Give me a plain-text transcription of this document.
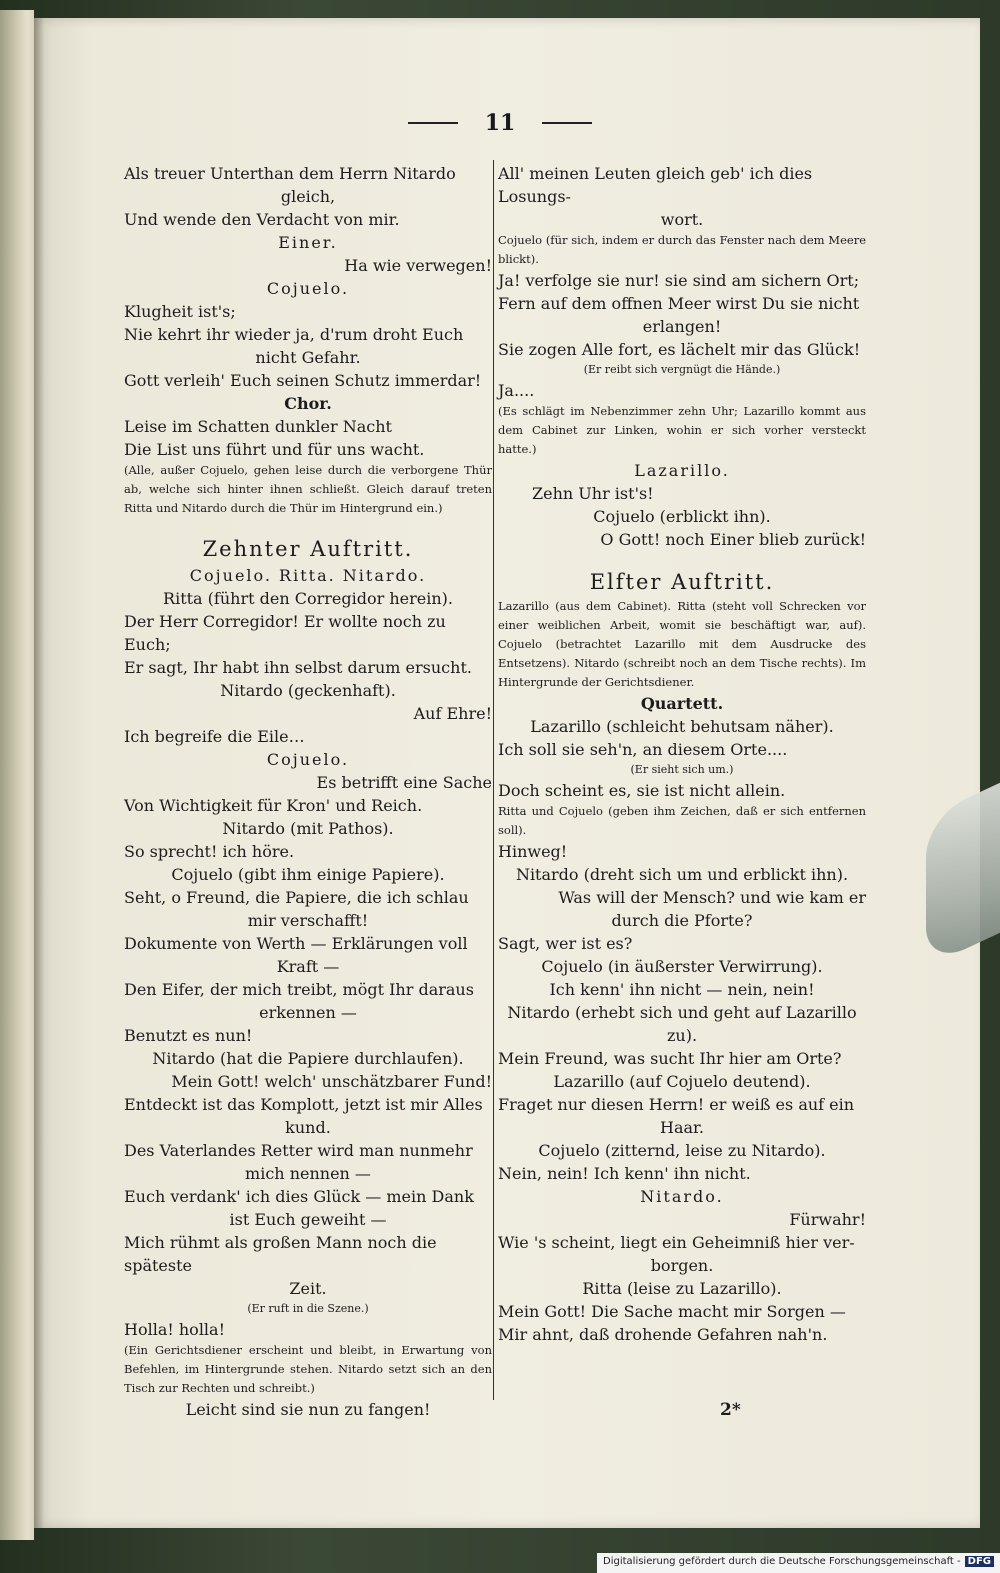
11
Als treuer Unterthan dem Herrn Nitardo
gleich,
Und wende den Verdacht von mir.
Einer.
Ha wie verwegen!
Cojuelo.
Klugheit ist's;
Nie kehrt ihr wieder ja, d'rum droht Euch
nicht Gefahr.
Gott verleih' Euch seinen Schutz immerdar!
Chor.
Leise im Schatten dunkler Nacht
Die List uns führt und für uns wacht.
(Alle, außer Cojuelo, gehen leise durch die verborgene Thür ab, welche sich hinter ihnen schließt. Gleich darauf treten Ritta und Nitardo durch die Thür im Hintergrund ein.)
Zehnter Auftritt.
Cojuelo. Ritta. Nitardo.
Ritta (führt den Corregidor herein).
Der Herr Corregidor! Er wollte noch zu Euch;
Er sagt, Ihr habt ihn selbst darum ersucht.
Nitardo (geckenhaft).
Auf Ehre!
Ich begreife die Eile…
Cojuelo.
Es betrifft eine Sache
Von Wichtigkeit für Kron' und Reich.
Nitardo (mit Pathos).
So sprecht! ich höre.
Cojuelo (gibt ihm einige Papiere).
Seht, o Freund, die Papiere, die ich schlau
mir verschafft!
Dokumente von Werth — Erklärungen voll
Kraft —
Den Eifer, der mich treibt, mögt Ihr daraus
erkennen —
Benutzt es nun!
Nitardo (hat die Papiere durchlaufen).
Mein Gott! welch' unschätzbarer Fund!
Entdeckt ist das Komplott, jetzt ist mir Alles
kund.
Des Vaterlandes Retter wird man nunmehr
mich nennen —
Euch verdank' ich dies Glück — mein Dank
ist Euch geweiht —
Mich rühmt als großen Mann noch die späteste
Zeit.
(Er ruft in die Szene.)
Holla! holla!
(Ein Gerichtsdiener erscheint und bleibt, in Erwartung von Befehlen, im Hintergrunde stehen. Nitardo setzt sich an den Tisch zur Rechten und schreibt.)
Leicht sind sie nun zu fangen!
All' meinen Leuten gleich geb' ich dies Losungs-
wort.
Cojuelo (für sich, indem er durch das Fenster nach dem Meere blickt).
Ja! verfolge sie nur! sie sind am sichern Ort;
Fern auf dem offnen Meer wirst Du sie nicht
erlangen!
Sie zogen Alle fort, es lächelt mir das Glück!
(Er reibt sich vergnügt die Hände.)
Ja....
(Es schlägt im Nebenzimmer zehn Uhr; Lazarillo kommt aus dem Cabinet zur Linken, wohin er sich vorher versteckt hatte.)
Lazarillo.
Zehn Uhr ist's!
Cojuelo (erblickt ihn).
O Gott! noch Einer blieb zurück!
Elfter Auftritt.
Lazarillo (aus dem Cabinet). Ritta (steht voll Schrecken vor einer weiblichen Arbeit, womit sie beschäftigt war, auf). Cojuelo (betrachtet Lazarillo mit dem Ausdrucke des Entsetzens). Nitardo (schreibt noch an dem Tische rechts). Im Hintergrunde der Gerichtsdiener.
Quartett.
Lazarillo (schleicht behutsam näher).
Ich soll sie seh'n, an diesem Orte....
(Er sieht sich um.)
Doch scheint es, sie ist nicht allein.
Ritta und Cojuelo (geben ihm Zeichen, daß er sich entfernen soll).
Hinweg!
Nitardo (dreht sich um und erblickt ihn).
Was will der Mensch? und wie kam er
durch die Pforte?
Sagt, wer ist es?
Cojuelo (in äußerster Verwirrung).
Ich kenn' ihn nicht — nein, nein!
Nitardo (erhebt sich und geht auf Lazarillo zu).
Mein Freund, was sucht Ihr hier am Orte?
Lazarillo (auf Cojuelo deutend).
Fraget nur diesen Herrn! er weiß es auf ein
Haar.
Cojuelo (zitternd, leise zu Nitardo).
Nein, nein! Ich kenn' ihn nicht.
Nitardo.
Fürwahr!
Wie 's scheint, liegt ein Geheimniß hier ver-
borgen.
Ritta (leise zu Lazarillo).
Mein Gott! Die Sache macht mir Sorgen —
Mir ahnt, daß drohende Gefahren nah'n.
2*
Digitalisierung gefördert durch die Deutsche Forschungsgemeinschaft - DFG
